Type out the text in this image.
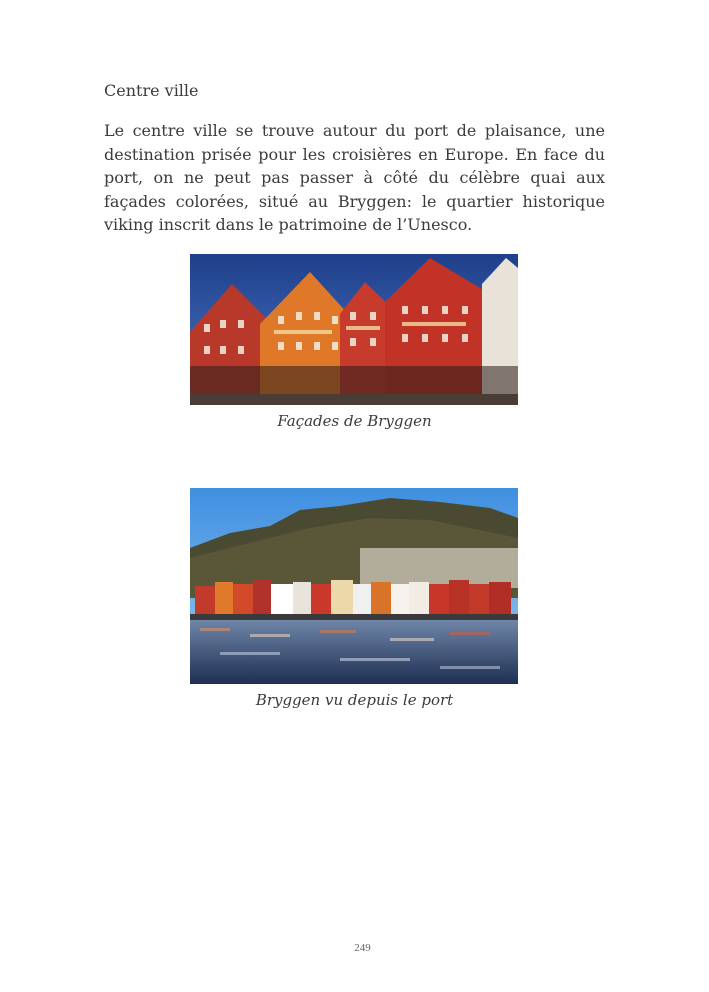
Centre ville

Le centre ville se trouve autour du port de plaisance, une destination prisée pour les croisières en Europe. En face du port, on ne peut pas passer à côté du célèbre quai aux façades colorées, situé au Bryggen: le quartier historique viking inscrit dans le patrimoine de l’Unesco.

Façades de Bryggen
Bryggen vu depuis le port
249
